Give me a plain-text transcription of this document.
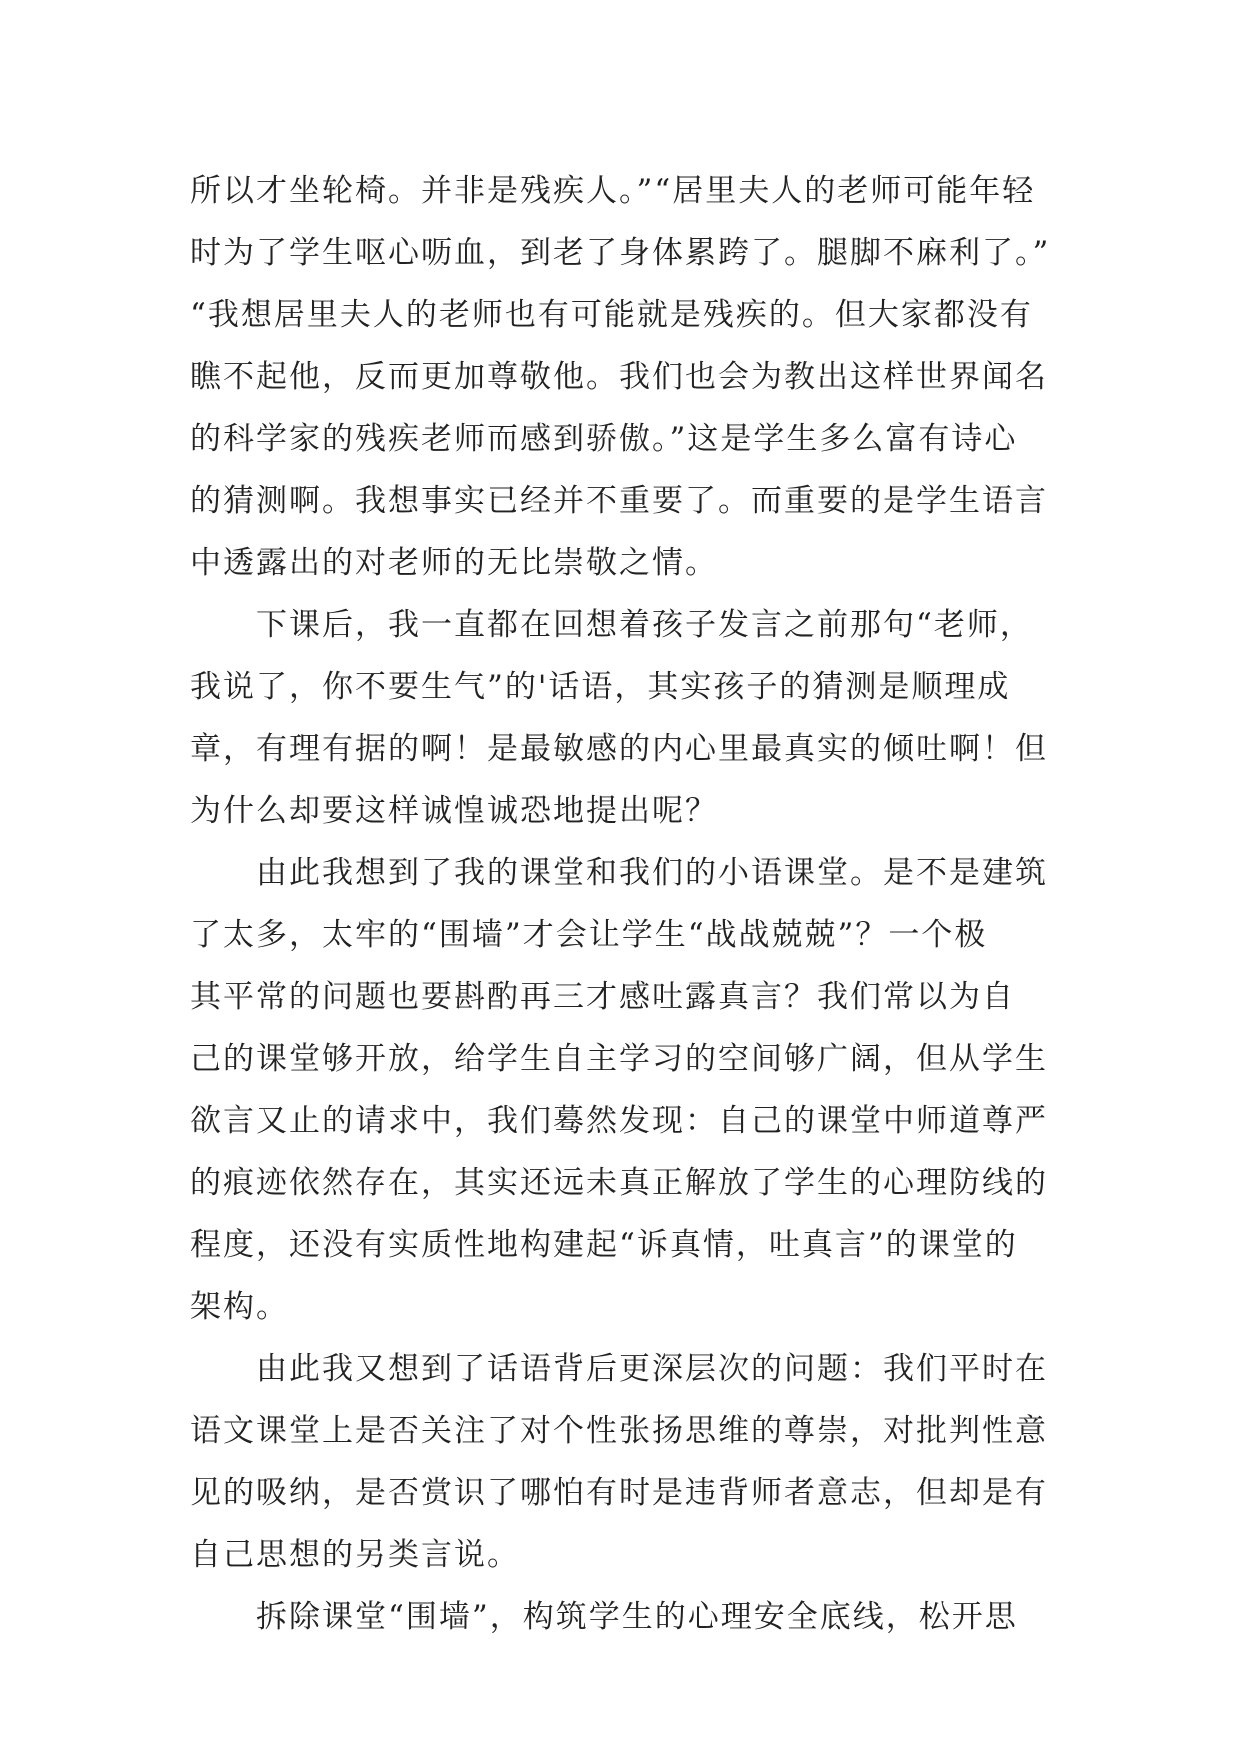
所以才坐轮椅。并非是残疾人。”“居里夫人的老师可能年轻
时为了学生呕心呖血，到老了身体累跨了。腿脚不麻利了。”
“我想居里夫人的老师也有可能就是残疾的。但大家都没有
瞧不起他，反而更加尊敬他。我们也会为教出这样世界闻名
的科学家的残疾老师而感到骄傲。”这是学生多么富有诗心
的猜测啊。我想事实已经并不重要了。而重要的是学生语言
中透露出的对老师的无比崇敬之情。
下课后，我一直都在回想着孩子发言之前那句“老师，
我说了，你不要生气”的'话语，其实孩子的猜测是顺理成
章，有理有据的啊！是最敏感的内心里最真实的倾吐啊！但
为什么却要这样诚惶诚恐地提出呢？
由此我想到了我的课堂和我们的小语课堂。是不是建筑
了太多，太牢的“围墙”才会让学生“战战兢兢”？一个极
其平常的问题也要斟酌再三才感吐露真言？我们常以为自
己的课堂够开放，给学生自主学习的空间够广阔，但从学生
欲言又止的请求中，我们蓦然发现：自己的课堂中师道尊严
的痕迹依然存在，其实还远未真正解放了学生的心理防线的
程度，还没有实质性地构建起“诉真情，吐真言”的课堂的
架构。
由此我又想到了话语背后更深层次的问题：我们平时在
语文课堂上是否关注了对个性张扬思维的尊崇，对批判性意
见的吸纳，是否赏识了哪怕有时是违背师者意志，但却是有
自己思想的另类言说。
拆除课堂“围墙”，构筑学生的心理安全底线，松开思
